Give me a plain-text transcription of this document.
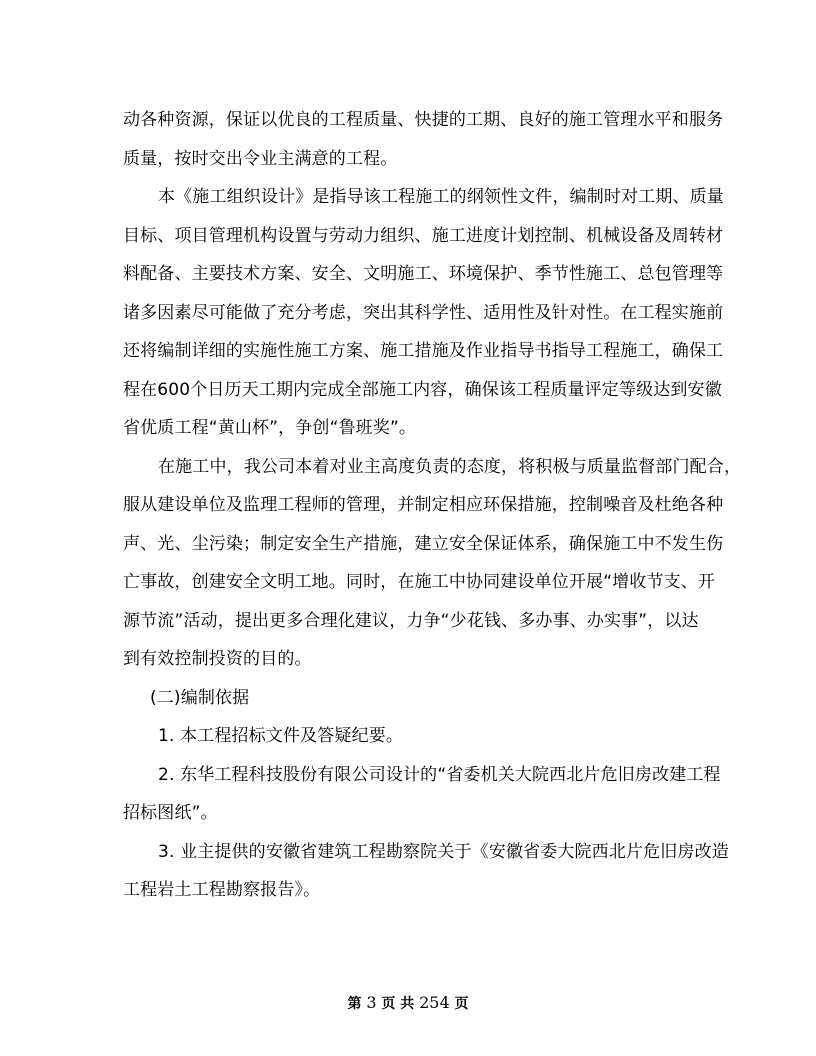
动各种资源，保证以优良的工程质量、快捷的工期、良好的施工管理水平和服务
质量，按时交出令业主满意的工程。
本《施工组织设计》是指导该工程施工的纲领性文件，编制时对工期、质量
目标、项目管理机构设置与劳动力组织、施工进度计划控制、机械设备及周转材
料配备、主要技术方案、安全、文明施工、环境保护、季节性施工、总包管理等
诸多因素尽可能做了充分考虑，突出其科学性、适用性及针对性。在工程实施前
还将编制详细的实施性施工方案、施工措施及作业指导书指导工程施工，确保工
程在600个日历天工期内完成全部施工内容，确保该工程质量评定等级达到安徽
省优质工程“黄山杯”，争创“鲁班奖”。
在施工中，我公司本着对业主高度负责的态度，将积极与质量监督部门配合，
服从建设单位及监理工程师的管理，并制定相应环保措施，控制噪音及杜绝各种
声、光、尘污染；制定安全生产措施，建立安全保证体系，确保施工中不发生伤
亡事故，创建安全文明工地。同时，在施工中协同建设单位开展“增收节支、开
源节流”活动，提出更多合理化建议，力争“少花钱、多办事、办实事”，以达
到有效控制投资的目的。
(二)编制依据
1. 本工程招标文件及答疑纪要。
2. 东华工程科技股份有限公司设计的“省委机关大院西北片危旧房改建工程
招标图纸”。
3. 业主提供的安徽省建筑工程勘察院关于《安徽省委大院西北片危旧房改造
工程岩土工程勘察报告》。
第 3 页 共 254 页
